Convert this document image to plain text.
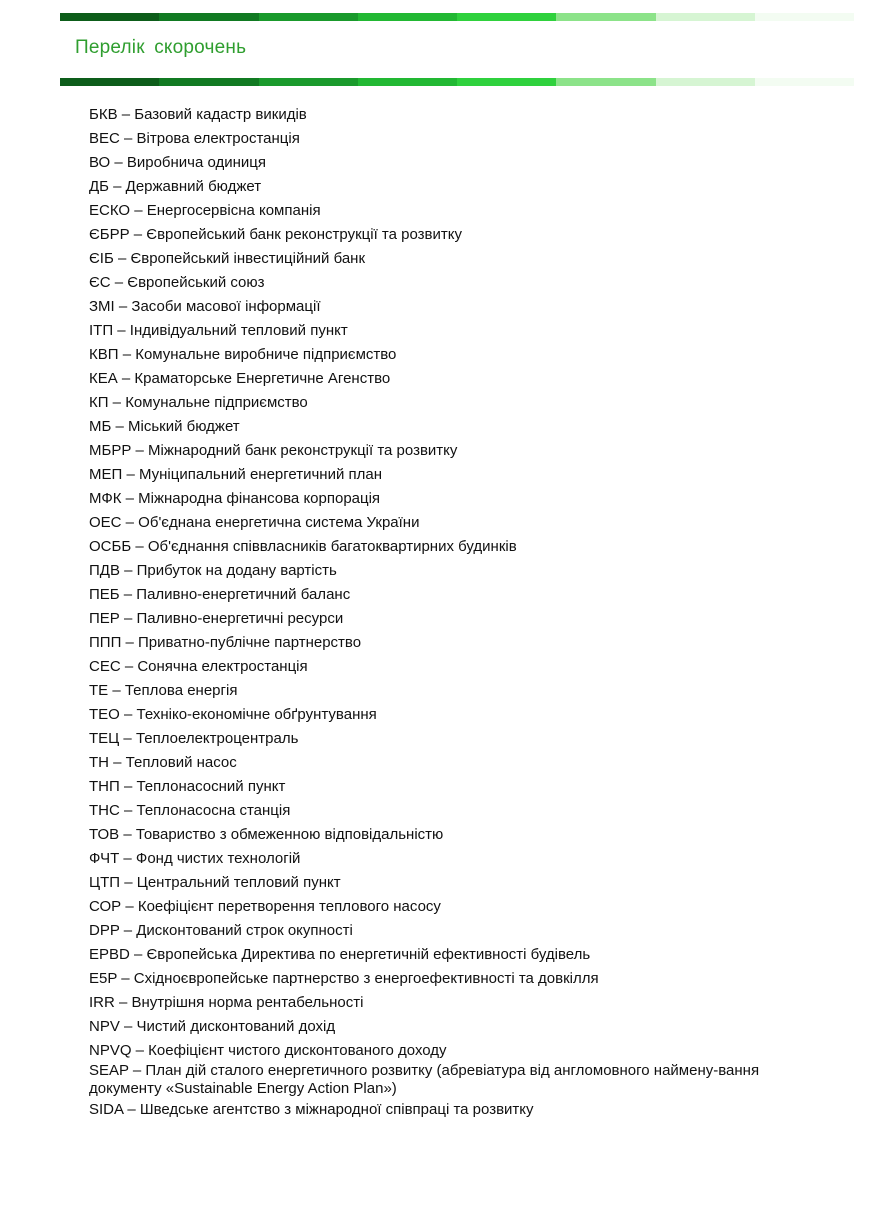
Перелік скорочень
БКВ – Базовий кадастр викидів
ВЕС – Вітрова електростанція
ВО – Виробнича одиниця
ДБ – Державний бюджет
ЕСКО – Енергосервісна компанія
ЄБРР – Європейський банк реконструкції та розвитку
ЄІБ – Європейський інвестиційний банк
ЄС – Європейський союз
ЗМІ – Засоби масової інформації
ІТП – Індивідуальний тепловий пункт
КВП – Комунальне виробниче підприємство
КЕА – Краматорське Енергетичне Агенство
КП – Комунальне підприємство
МБ – Міський бюджет
МБРР – Міжнародний банк реконструкції та розвитку
МЕП – Муніципальний енергетичний план
МФК – Міжнародна фінансова корпорація
ОЕС – Об'єднана енергетична система України
ОСББ – Об'єднання співвласників багатоквартирних будинків
ПДВ – Прибуток на додану вартість
ПЕБ – Паливно-енергетичний баланс
ПЕР – Паливно-енергетичні ресурси
ППП – Приватно-публічне партнерство
СЕС – Сонячна електростанція
ТЕ – Теплова енергія
ТЕО – Техніко-економічне обґрунтування
ТЕЦ – Теплоелектроцентраль
ТН – Тепловий насос
ТНП – Теплонасосний пункт
ТНС – Теплонасосна станція
ТОВ – Товариство з обмеженною відповідальністю
ФЧТ – Фонд чистих технологій
ЦТП – Центральний тепловий пункт
СОР – Коефіцієнт перетворення теплового насосу
DPP – Дисконтований строк окупності
EPBD – Європейська Директива по енергетичній ефективності будівель
E5P – Східноєвропейське партнерство з енергоефективності та довкілля
IRR – Внутрішня норма рентабельності
NPV – Чистий дисконтований дохід
NPVQ – Коефіцієнт чистого дисконтованого доходу
SEAP – План дій сталого енергетичного розвитку (абревіатура від англомовного наймену-вання документу «Sustainable Energy Action Plan»)
SIDA – Шведське агентство з міжнародної співпраці та розвитку
